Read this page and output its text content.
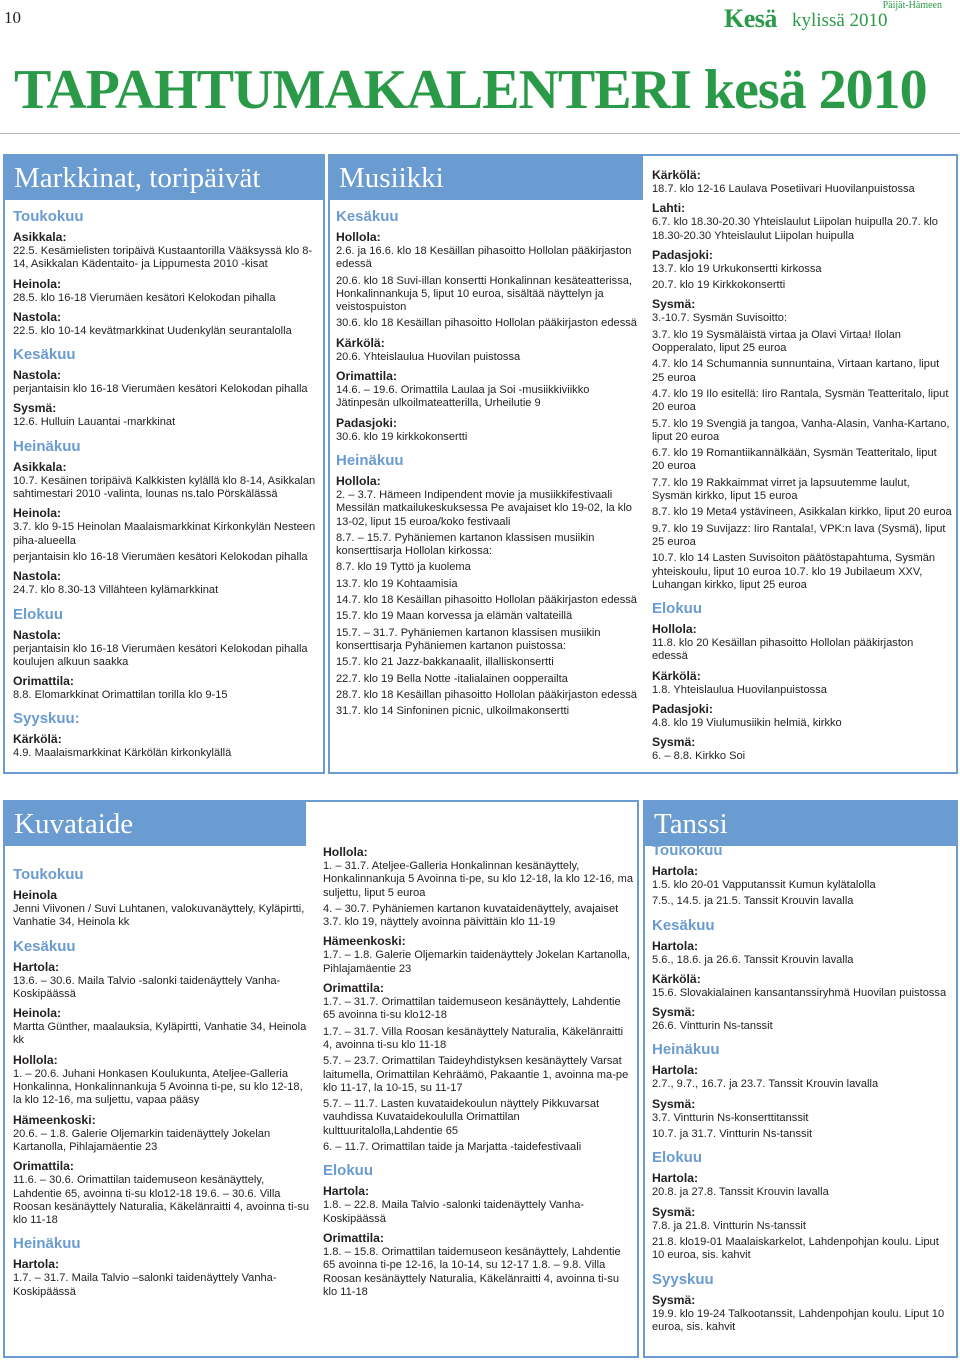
10
Päijät-Hämeen
Kesä kylissä 2010
TAPAHTUMAKALENTERI kesä 2010
Markkinat, toripäivät
Toukokuu
Asikkala:
22.5. Kesämielisten toripäivä Kustaantorilla Vääksyssä klo 8-14, Asikkalan Kädentaito- ja Lippumesta 2010 -kisat
Heinola:
28.5. klo 16-18 Vierumäen kesätori Kelokodan pihalla
Nastola:
22.5. klo 10-14 kevätmarkkinat Uudenkylän seurantalolla
Kesäkuu
Nastola:
perjantaisin klo 16-18 Vierumäen kesätori Kelokodan pihalla
Sysmä:
12.6. Hulluin Lauantai -markkinat
Heinäkuu
Asikkala:
10.7. Kesäinen toripäivä Kalkkisten kylällä klo 8-14, Asikkalan sahtimestari 2010 -valinta, lounas ns.talo Pörskälässä
Heinola:
3.7. klo 9-15 Heinolan Maalaismarkkinat Kirkonkylän Nesteen piha-alueella
perjantaisin klo 16-18 Vierumäen kesätori Kelokodan pihalla
Nastola:
24.7. klo 8.30-13 Villähteen kylämarkkinat
Elokuu
Nastola:
perjantaisin klo 16-18 Vierumäen kesätori Kelokodan pihalla koulujen alkuun saakka
Orimattila:
8.8. Elomarkkinat Orimattilan torilla klo 9-15
Syyskuu:
Kärkölä:
4.9. Maalaismarkkinat Kärkölän kirkonkylällä
Musiikki
Kesäkuu
Hollola:
2.6. ja 16.6. klo 18 Kesäillan pihasoitto Hollolan pääkirjaston edessä
20.6. klo 18 Suvi-illan konsertti Honkalinnan kesäteatterissa, Honkalinnankuja 5, liput 10 euroa, sisältää näyttelyn ja veistospuiston
30.6. klo 18 Kesäillan pihasoitto Hollolan pääkirjaston edessä
Kärkölä:
20.6. Yhteislaulua Huovilan puistossa
Orimattila:
14.6. – 19.6. Orimattila Laulaa ja Soi -musiikkiviikko Jätinpesän ulkoilmateatterilla, Urheilutie 9
Padasjoki:
30.6. klo 19 kirkkokonsertti
Heinäkuu
Hollola:
2. – 3.7. Hämeen Indipendent movie ja musiikkifestivaali Messilän matkailukeskuksessa Pe avajaiset klo 19-02, la klo 13-02, liput 15 euroa/koko festivaali
8.7. – 15.7. Pyhäniemen kartanon klassisen musiikin konserttisarja Hollolan kirkossa:
8.7. klo 19 Tyttö ja kuolema
13.7. klo 19 Kohtaamisia
14.7. klo 18 Kesäillan pihasoitto Hollolan pääkirjaston edessä
15.7. klo 19 Maan korvessa ja elämän valtateillä
15.7. – 31.7. Pyhäniemen kartanon klassisen musiikin konserttisarja Pyhäniemen kartanon puistossa:
15.7. klo 21 Jazz-bakkanaalit, illalliskonsertti
22.7. klo 19 Bella Notte -italialainen oopperailta
28.7. klo 18 Kesäillan pihasoitto Hollolan pääkirjaston edessä
31.7. klo 14 Sinfoninen picnic, ulkoilmakonsertti
Kärkölä:
18.7. klo 12-16 Laulava Posetiivari Huovilanpuistossa
Lahti:
6.7. klo 18.30-20.30 Yhteislaulut Liipolan huipulla 20.7. klo 18.30-20.30 Yhteislaulut Liipolan huipulla
Padasjoki:
13.7. klo 19 Urkukonsertti kirkossa
20.7. klo 19 Kirkkokonsertti
Sysmä:
3.-10.7. Sysmän Suvisoitto:
3.7. klo 19 Sysmäläistä virtaa ja Olavi Virtaa! Ilolan Oopperalato, liput 25 euroa
4.7. klo 14 Schumannia sunnuntaina, Virtaan kartano, liput 25 euroa
4.7. klo 19 Ilo esitellä: Iiro Rantala, Sysmän Teatteritalo, liput 20 euroa
5.7. klo 19 Svengiä ja tangoa, Vanha-Alasin, Vanha-Kartano, liput 20 euroa
6.7. klo 19 Romantiikannälkään, Sysmän Teatteritalo, liput 20 euroa
7.7. klo 19 Rakkaimmat virret ja lapsuutemme laulut, Sysmän kirkko, liput 15 euroa
8.7. klo 19 Meta4 ystävineen, Asikkalan kirkko, liput 20 euroa
9.7. klo 19 Suvijazz: Iiro Rantala!, VPK:n lava (Sysmä), liput 25 euroa
10.7. klo 14 Lasten Suvisoiton päätöstapahtuma, Sysmän yhteiskoulu, liput 10 euroa 10.7. klo 19 Jubilaeum XXV, Luhangan kirkko, liput 25 euroa
Elokuu
Hollola:
11.8. klo 20 Kesäillan pihasoitto Hollolan pääkirjaston edessä
Kärkölä:
1.8. Yhteislaulua Huovilanpuistossa
Padasjoki:
4.8. klo 19 Viulumusiikin helmiä, kirkko
Sysmä:
6. – 8.8. Kirkko Soi
Kuvataide
Toukokuu
Heinola
Jenni Viivonen / Suvi Luhtanen, valokuvanäyttely, Kyläpirtti, Vanhatie 34, Heinola kk
Kesäkuu
Hartola:
13.6. – 30.6. Maila Talvio -salonki taidenäyttely Vanha-Koskipäässä
Heinola:
Martta Günther, maalauksia, Kyläpirtti, Vanhatie 34, Heinola kk
Hollola:
1. – 20.6. Juhani Honkasen Koulukunta, Ateljee-Galleria Honkalinna, Honkalinnankuja 5 Avoinna ti-pe, su klo 12-18, la klo 12-16, ma suljettu, vapaa pääsy
Hämeenkoski:
20.6. – 1.8. Galerie Oljemarkin taidenäyttely Jokelan Kartanolla, Pihlajamäentie 23
Orimattila:
11.6. – 30.6. Orimattilan taidemuseon kesänäyttely, Lahdentie 65, avoinna ti-su klo12-18 19.6. – 30.6. Villa Roosan kesänäyttely Naturalia, Käkelänraitti 4, avoinna ti-su klo 11-18
Heinäkuu
Hartola:
1.7. – 31.7. Maila Talvio –salonki taidenäyttely Vanha-Koskipäässä
Hollola:
1. – 31.7. Ateljee-Galleria Honkalinnan kesänäyttely, Honkalinnankuja 5 Avoinna ti-pe, su klo 12-18, la klo 12-16, ma suljettu, liput 5 euroa
4. – 30.7. Pyhäniemen kartanon kuvataidenäyttely, avajaiset 3.7. klo 19, näyttely avoinna päivittäin klo 11-19
Hämeenkoski:
1.7. – 1.8. Galerie Oljemarkin taidenäyttely Jokelan Kartanolla, Pihlajamäentie 23
Orimattila:
1.7. – 31.7. Orimattilan taidemuseon kesänäyttely, Lahdentie 65 avoinna ti-su klo12-18
1.7. – 31.7. Villa Roosan kesänäyttely Naturalia, Käkelänraitti 4, avoinna ti-su klo 11-18
5.7. – 23.7. Orimattilan Taideyhdistyksen kesänäyttely Varsat laitumella, Orimattilan Kehräämö, Pakaantie 1, avoinna ma-pe klo 11-17, la 10-15, su 11-17
5.7. – 11.7. Lasten kuvataidekoulun näyttely Pikkuvarsat vauhdissa Kuvataidekoululla Orimattilan kulttuuritalolla,Lahdentie 65
6. – 11.7. Orimattilan taide ja Marjatta -taidefestivaali
Elokuu
Hartola:
1.8. – 22.8. Maila Talvio -salonki taidenäyttely Vanha-Koskipäässä
Orimattila:
1.8. – 15.8. Orimattilan taidemuseon kesänäyttely, Lahdentie 65 avoinna ti-pe 12-16, la 10-14, su 12-17 1.8. – 9.8. Villa Roosan kesänäyttely Naturalia, Käkelänraitti 4, avoinna ti-su klo 11-18
Tanssi
Toukokuu
Hartola:
1.5. klo 20-01 Vapputanssit Kumun kylätalolla
7.5., 14.5. ja 21.5. Tanssit Krouvin lavalla
Kesäkuu
Hartola:
5.6., 18.6. ja 26.6. Tanssit Krouvin lavalla
Kärkölä:
15.6. Slovakialainen kansantanssiryhmä Huovilan puistossa
Sysmä:
26.6. Vintturin Ns-tanssit
Heinäkuu
Hartola:
2.7., 9.7., 16.7. ja 23.7. Tanssit Krouvin lavalla
Sysmä:
3.7. Vintturin Ns-konserttitanssit
10.7. ja 31.7. Vintturin Ns-tanssit
Elokuu
Hartola:
20.8. ja 27.8. Tanssit Krouvin lavalla
Sysmä:
7.8. ja 21.8. Vintturin Ns-tanssit
21.8. klo19-01 Maalaiskarkelot, Lahdenpohjan koulu. Liput 10 euroa, sis. kahvit
Syyskuu
Sysmä:
19.9. klo 19-24 Talkootanssit, Lahdenpohjan koulu. Liput 10 euroa, sis. kahvit
